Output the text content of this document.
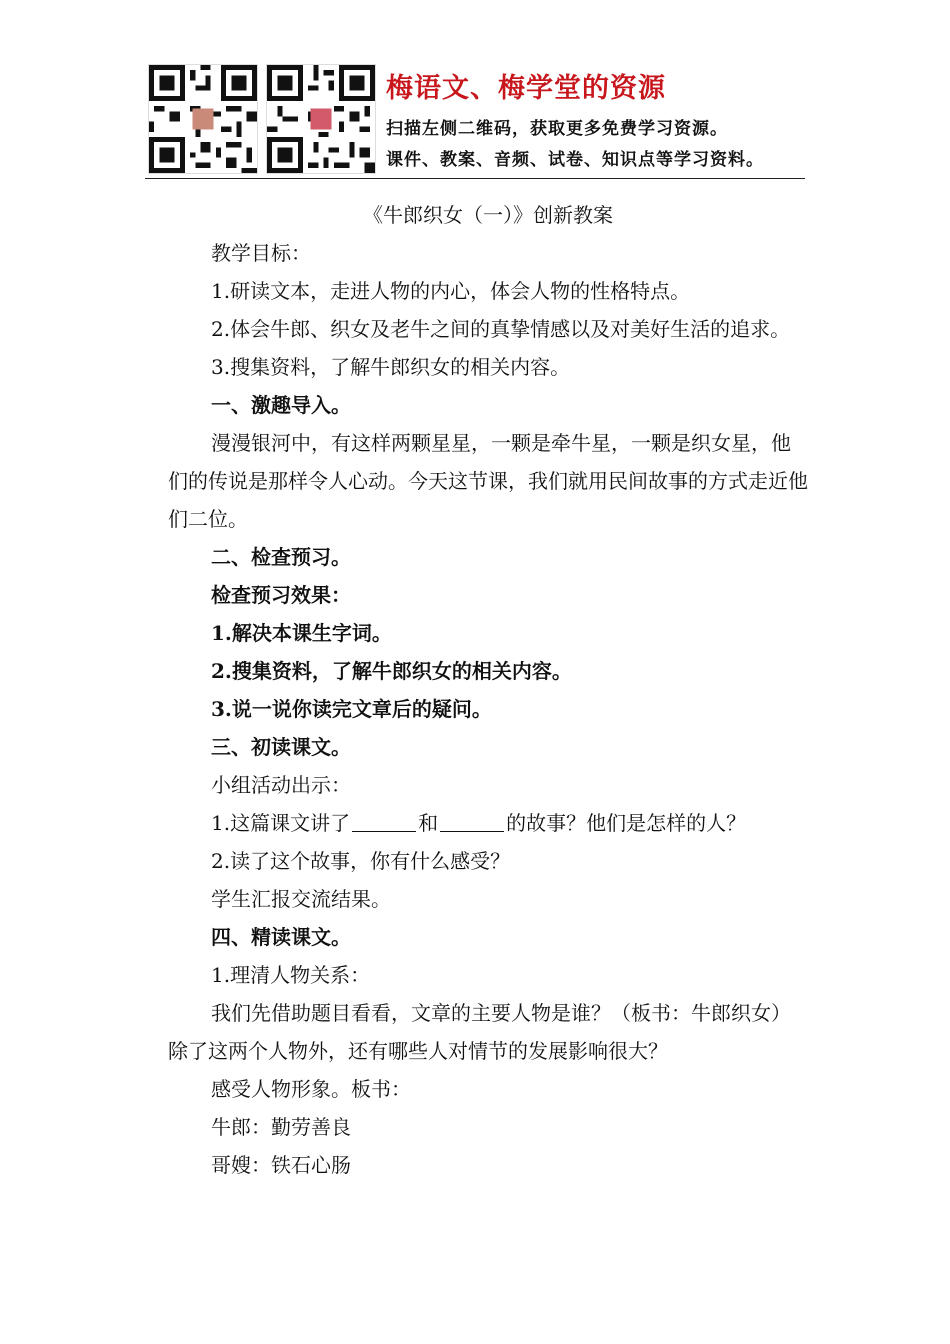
梅语文、梅学堂的资源
扫描左侧二维码，获取更多免费学习资源。
课件、教案、音频、试卷、知识点等学习资料。
《牛郎织女（一）》创新教案
教学目标：
1.研读文本，走进人物的内心，体会人物的性格特点。
2.体会牛郎、织女及老牛之间的真挚情感以及对美好生活的追求。
3.搜集资料，了解牛郎织女的相关内容。
一、激趣导入。
漫漫银河中，有这样两颗星星，一颗是牵牛星，一颗是织女星，他们的传说是那样令人心动。今天这节课，我们就用民间故事的方式走近他们二位。
二、检查预习。
检查预习效果：
1.解决本课生字词。
2.搜集资料，了解牛郎织女的相关内容。
3.说一说你读完文章后的疑问。
三、初读课文。
小组活动出示：
1.这篇课文讲了	和	的故事？他们是怎样的人？
2.读了这个故事，你有什么感受？
学生汇报交流结果。
四、精读课文。
1.理清人物关系：
我们先借助题目看看，文章的主要人物是谁？（板书：牛郎织女）除了这两个人物外，还有哪些人对情节的发展影响很大？
感受人物形象。板书：
牛郎：勤劳善良
哥嫂：铁石心肠
